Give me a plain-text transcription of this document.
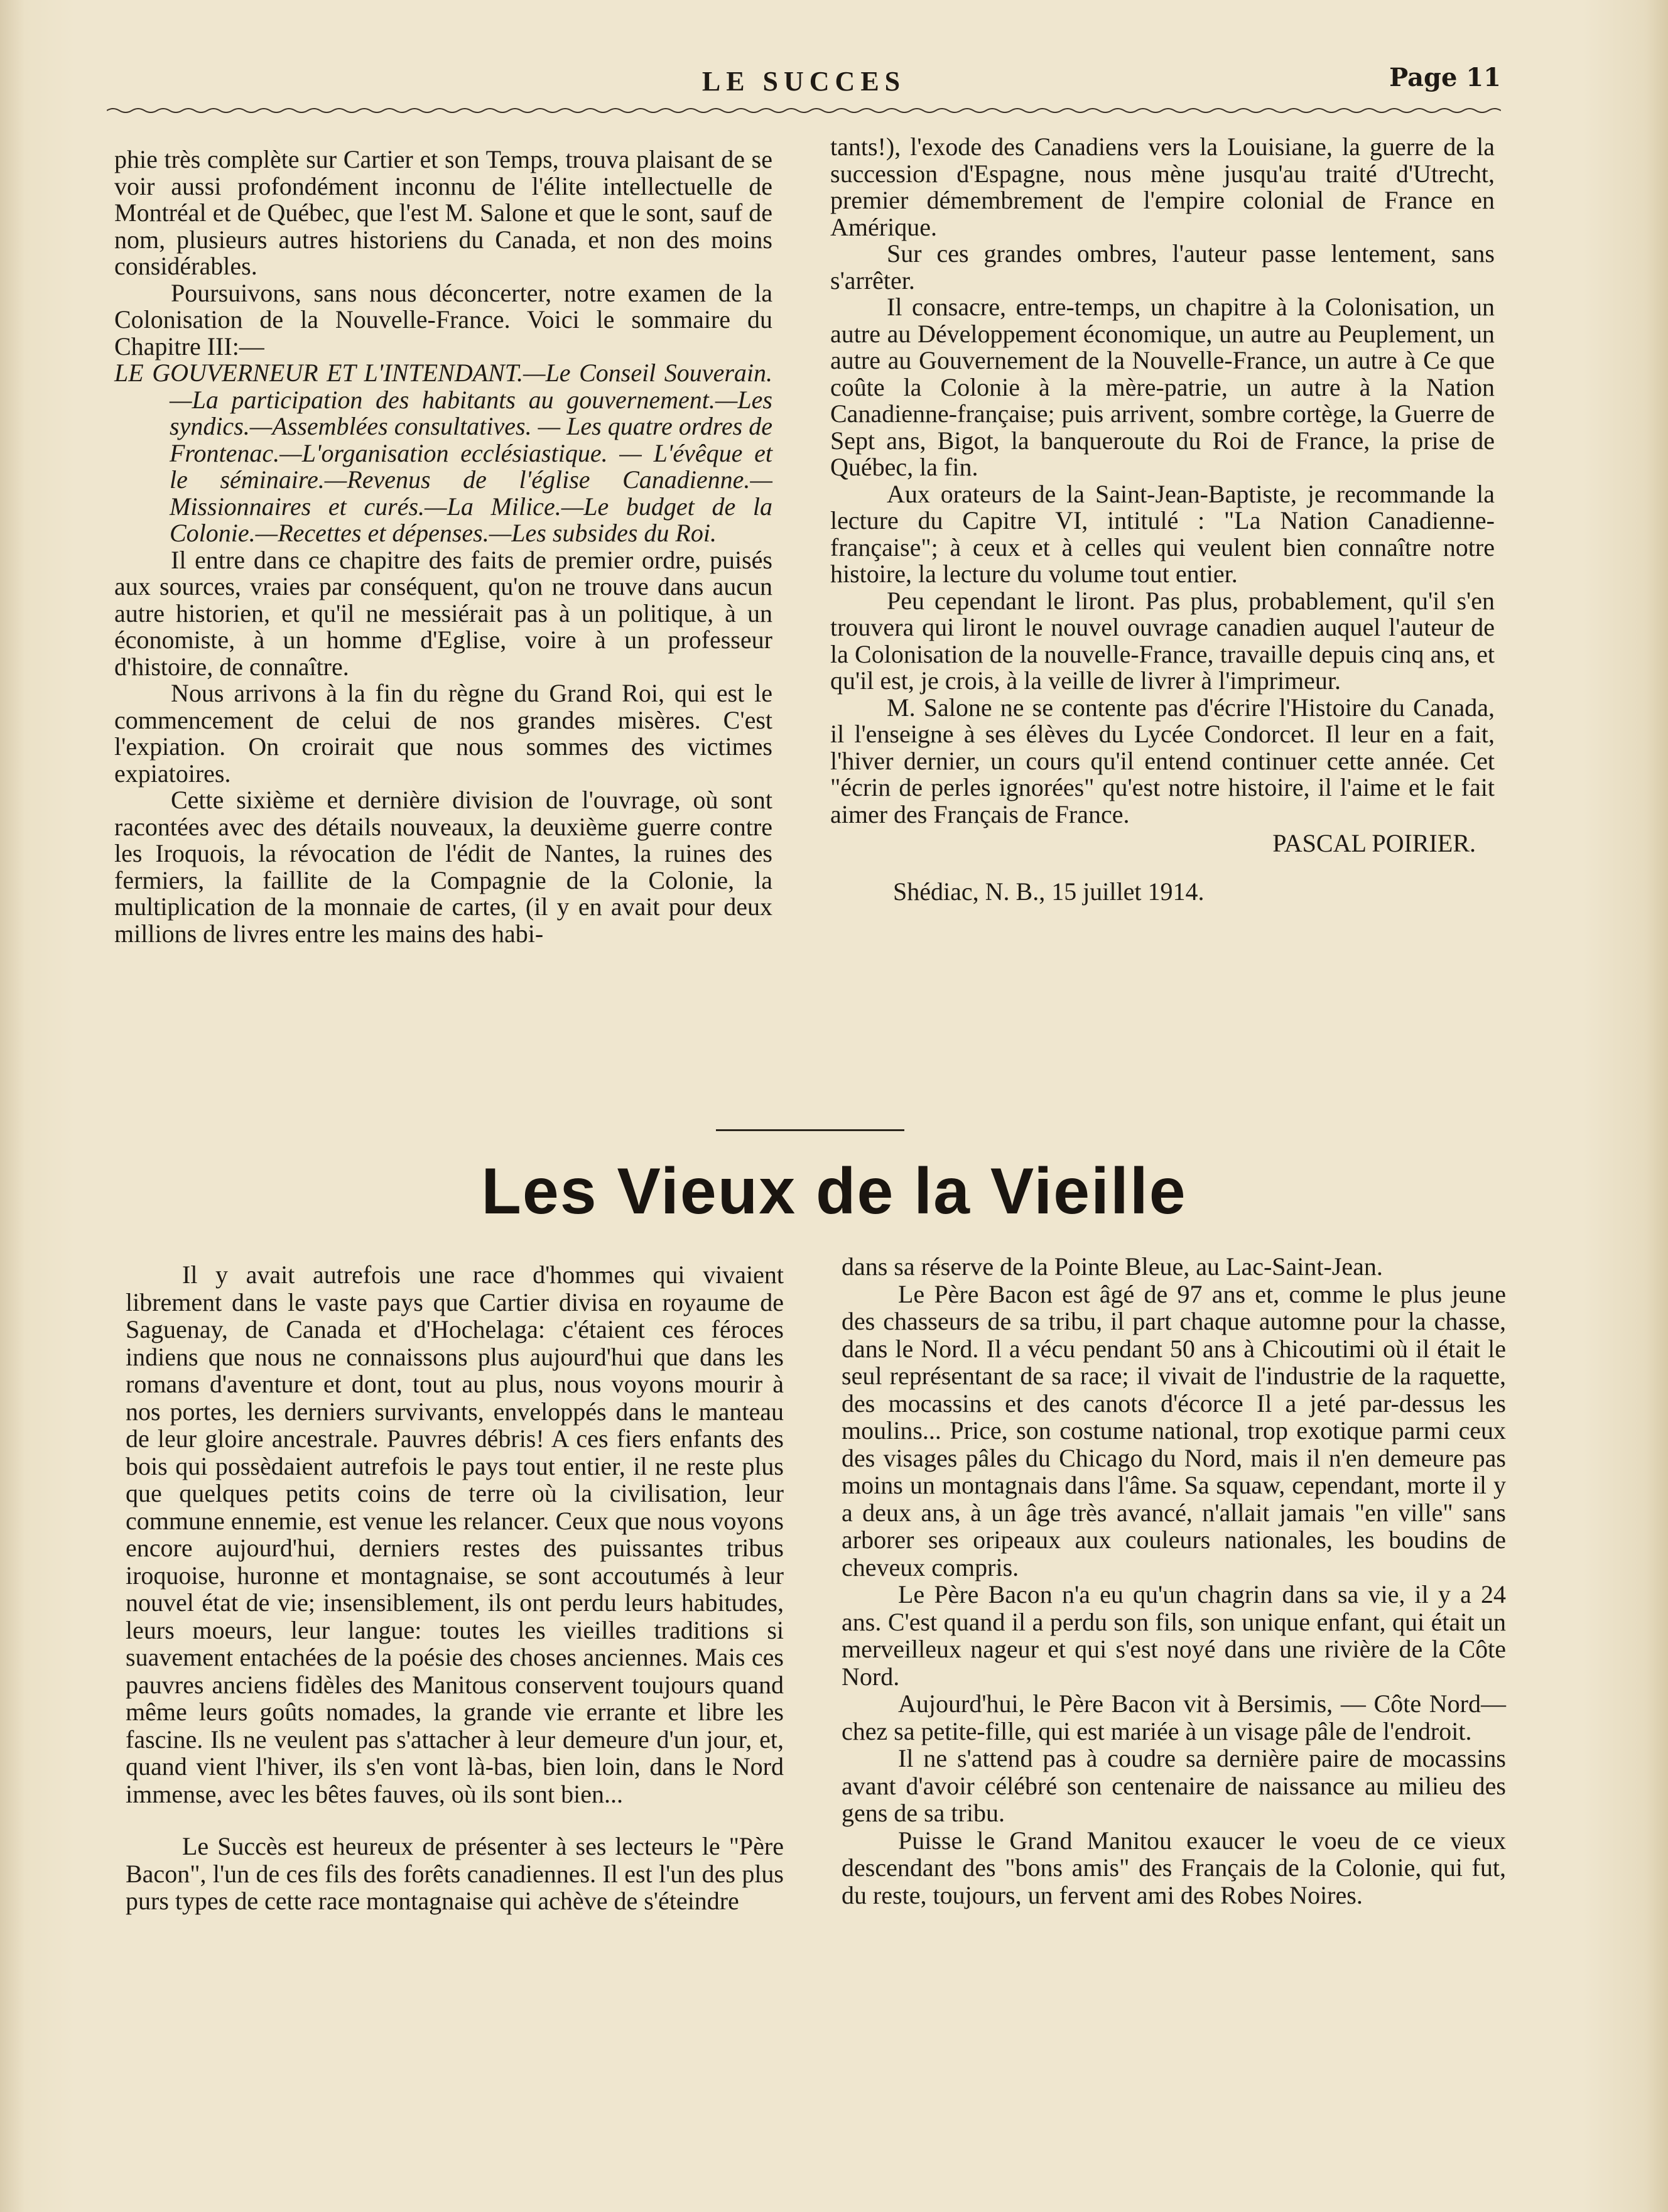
LE SUCCES	Page 11

phie très complète sur Cartier et son Temps, trouva plaisant de se voir aussi profondément inconnu de l'élite intellectuelle de Montréal et de Québec, que l'est M. Salone et que le sont, sauf de nom, plusieurs autres historiens du Canada, et non des moins considérables.

Poursuivons, sans nous déconcerter, notre examen de la Colonisation de la Nouvelle-France. Voici le sommaire du Chapitre III:—

LE GOUVERNEUR ET L'INTENDANT.—Le Conseil Souverain.—La participation des habitants au gouvernement.—Les syndics.—Assemblées consultatives. — Les quatre ordres de Frontenac.—L'organisation ecclésiastique. — L'évêque et le séminaire.—Revenus de l'église Canadienne.—Missionnaires et curés.—La Milice.—Le budget de la Colonie.—Recettes et dépenses.—Les subsides du Roi.

Il entre dans ce chapitre des faits de premier ordre, puisés aux sources, vraies par conséquent, qu'on ne trouve dans aucun autre historien, et qu'il ne messiérait pas à un politique, à un économiste, à un homme d'Eglise, voire à un professeur d'histoire, de connaître.

Nous arrivons à la fin du règne du Grand Roi, qui est le commencement de celui de nos grandes misères. C'est l'expiation. On croirait que nous sommes des victimes expiatoires.

Cette sixième et dernière division de l'ouvrage, où sont racontées avec des détails nouveaux, la deuxième guerre contre les Iroquois, la révocation de l'édit de Nantes, la ruines des fermiers, la faillite de la Compagnie de la Colonie, la multiplication de la monnaie de cartes, (il y en avait pour deux millions de livres entre les mains des habi-

tants!), l'exode des Canadiens vers la Louisiane, la guerre de la succession d'Espagne, nous mène jusqu'au traité d'Utrecht, premier démembrement de l'empire colonial de France en Amérique.

Sur ces grandes ombres, l'auteur passe lentement, sans s'arrêter.

Il consacre, entre-temps, un chapitre à la Colonisation, un autre au Développement économique, un autre au Peuplement, un autre au Gouvernement de la Nouvelle-France, un autre à Ce que coûte la Colonie à la mère-patrie, un autre à la Nation Canadienne-française; puis arrivent, sombre cortège, la Guerre de Sept ans, Bigot, la banqueroute du Roi de France, la prise de Québec, la fin.

Aux orateurs de la Saint-Jean-Baptiste, je recommande la lecture du Capitre VI, intitulé : "La Nation Canadienne-française"; à ceux et à celles qui veulent bien connaître notre histoire, la lecture du volume tout entier.

Peu cependant le liront. Pas plus, probablement, qu'il s'en trouvera qui liront le nouvel ouvrage canadien auquel l'auteur de la Colonisation de la nouvelle-France, travaille depuis cinq ans, et qu'il est, je crois, à la veille de livrer à l'imprimeur.

M. Salone ne se contente pas d'écrire l'Histoire du Canada, il l'enseigne à ses élèves du Lycée Condorcet. Il leur en a fait, l'hiver dernier, un cours qu'il entend continuer cette année. Cet "écrin de perles ignorées" qu'est notre histoire, il l'aime et le fait aimer des Français de France.

PASCAL POIRIER.

Shédiac, N. B., 15 juillet 1914.

Les Vieux de la Vieille

Il y avait autrefois une race d'hommes qui vivaient librement dans le vaste pays que Cartier divisa en royaume de Saguenay, de Canada et d'Hochelaga: c'étaient ces féroces indiens que nous ne connaissons plus aujourd'hui que dans les romans d'aventure et dont, tout au plus, nous voyons mourir à nos portes, les derniers survivants, enveloppés dans le manteau de leur gloire ancestrale. Pauvres débris! A ces fiers enfants des bois qui possèdaient autrefois le pays tout entier, il ne reste plus que quelques petits coins de terre où la civilisation, leur commune ennemie, est venue les relancer. Ceux que nous voyons encore aujourd'hui, derniers restes des puissantes tribus iroquoise, huronne et montagnaise, se sont accoutumés à leur nouvel état de vie; insensiblement, ils ont perdu leurs habitudes, leurs moeurs, leur langue: toutes les vieilles traditions si suavement entachées de la poésie des choses anciennes. Mais ces pauvres anciens fidèles des Manitous conservent toujours quand même leurs goûts nomades, la grande vie errante et libre les fascine. Ils ne veulent pas s'attacher à leur demeure d'un jour, et, quand vient l'hiver, ils s'en vont là-bas, bien loin, dans le Nord immense, avec les bêtes fauves, où ils sont bien...

Le Succès est heureux de présenter à ses lecteurs le "Père Bacon", l'un de ces fils des forêts canadiennes. Il est l'un des plus purs types de cette race montagnaise qui achève de s'éteindre

dans sa réserve de la Pointe Bleue, au Lac-Saint-Jean.

Le Père Bacon est âgé de 97 ans et, comme le plus jeune des chasseurs de sa tribu, il part chaque automne pour la chasse, dans le Nord. Il a vécu pendant 50 ans à Chicoutimi où il était le seul représentant de sa race; il vivait de l'industrie de la raquette, des mocassins et des canots d'écorce Il a jeté par-dessus les moulins... Price, son costume national, trop exotique parmi ceux des visages pâles du Chicago du Nord, mais il n'en demeure pas moins un montagnais dans l'âme. Sa squaw, cependant, morte il y a deux ans, à un âge très avancé, n'allait jamais "en ville" sans arborer ses oripeaux aux couleurs nationales, les boudins de cheveux compris.

Le Père Bacon n'a eu qu'un chagrin dans sa vie, il y a 24 ans. C'est quand il a perdu son fils, son unique enfant, qui était un merveilleux nageur et qui s'est noyé dans une rivière de la Côte Nord.

Aujourd'hui, le Père Bacon vit à Bersimis, — Côte Nord—chez sa petite-fille, qui est mariée à un visage pâle de l'endroit.

Il ne s'attend pas à coudre sa dernière paire de mocassins avant d'avoir célébré son centenaire de naissance au milieu des gens de sa tribu.

Puisse le Grand Manitou exaucer le voeu de ce vieux descendant des "bons amis" des Français de la Colonie, qui fut, du reste, toujours, un fervent ami des Robes Noires.
